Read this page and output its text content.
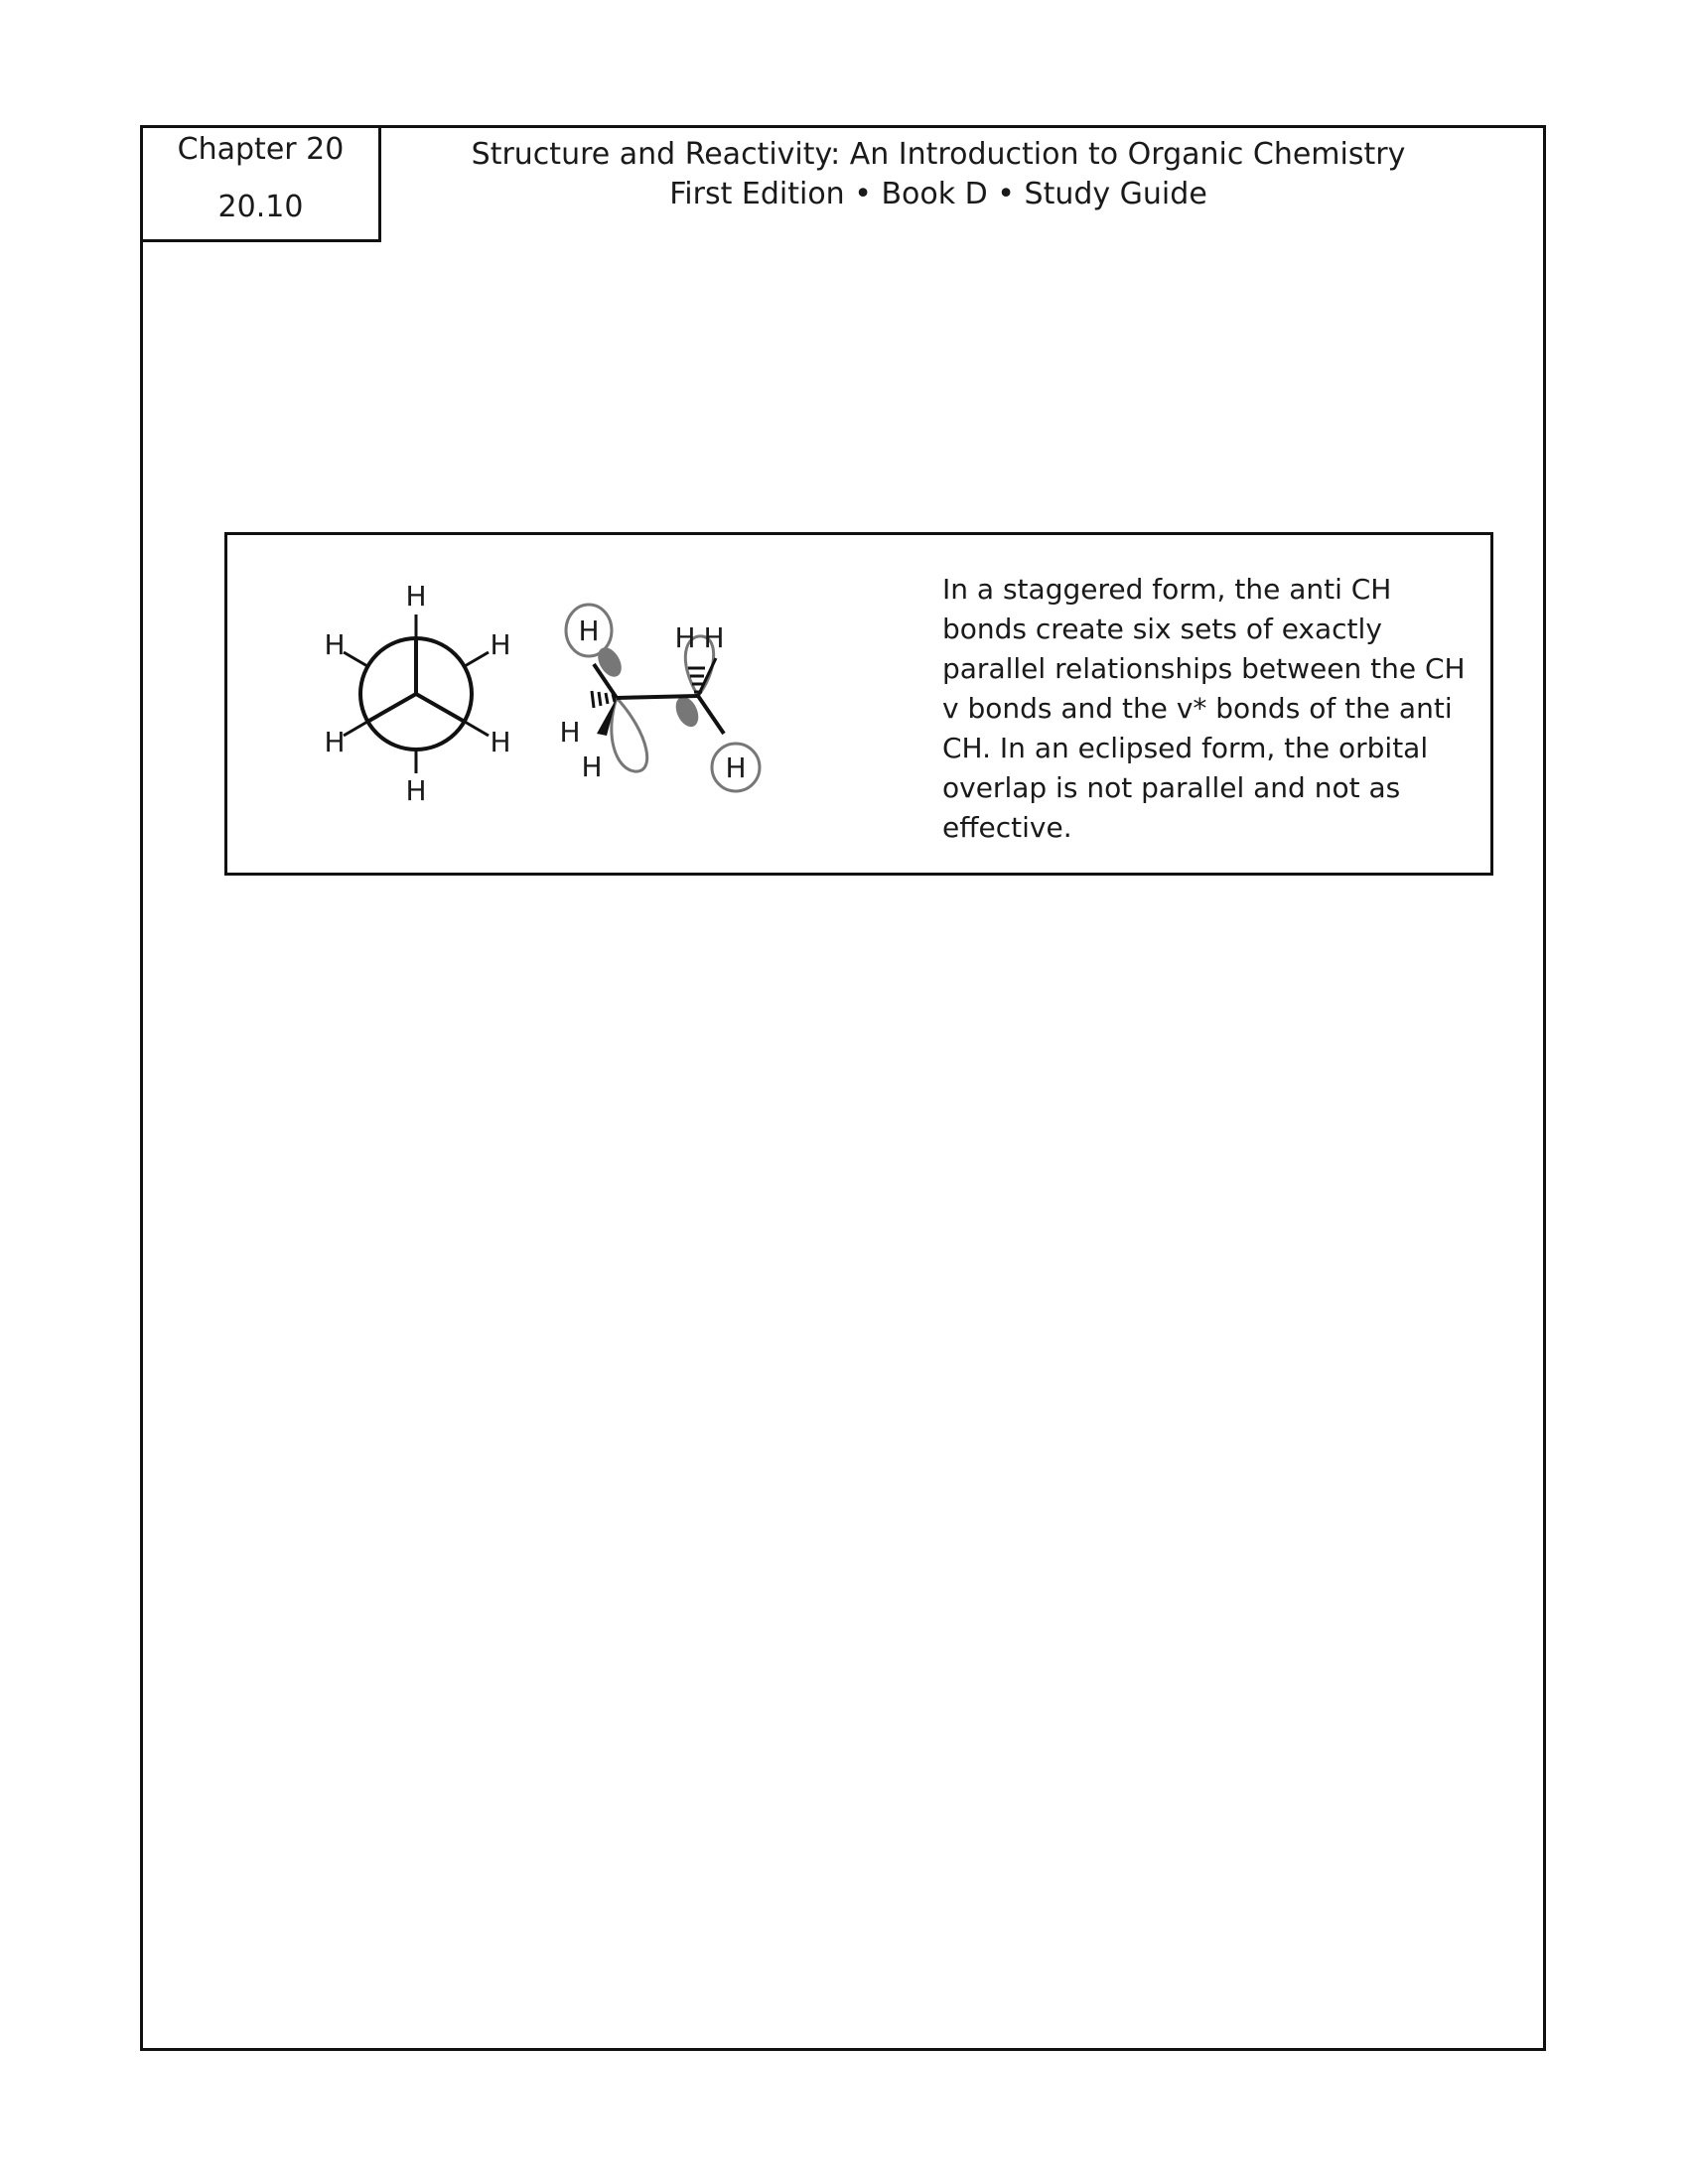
Chapter 20
20.10
Structure and Reactivity: An Introduction to Organic Chemistry
First Edition • Book D • Study Guide
H
H	H
H	H
H
H
H
H
H H
H
In a staggered form, the anti CH bonds create six sets of exactly parallel relationships between the CH v bonds and the v* bonds of the anti CH. In an eclipsed form, the orbital overlap is not parallel and not as effective.
